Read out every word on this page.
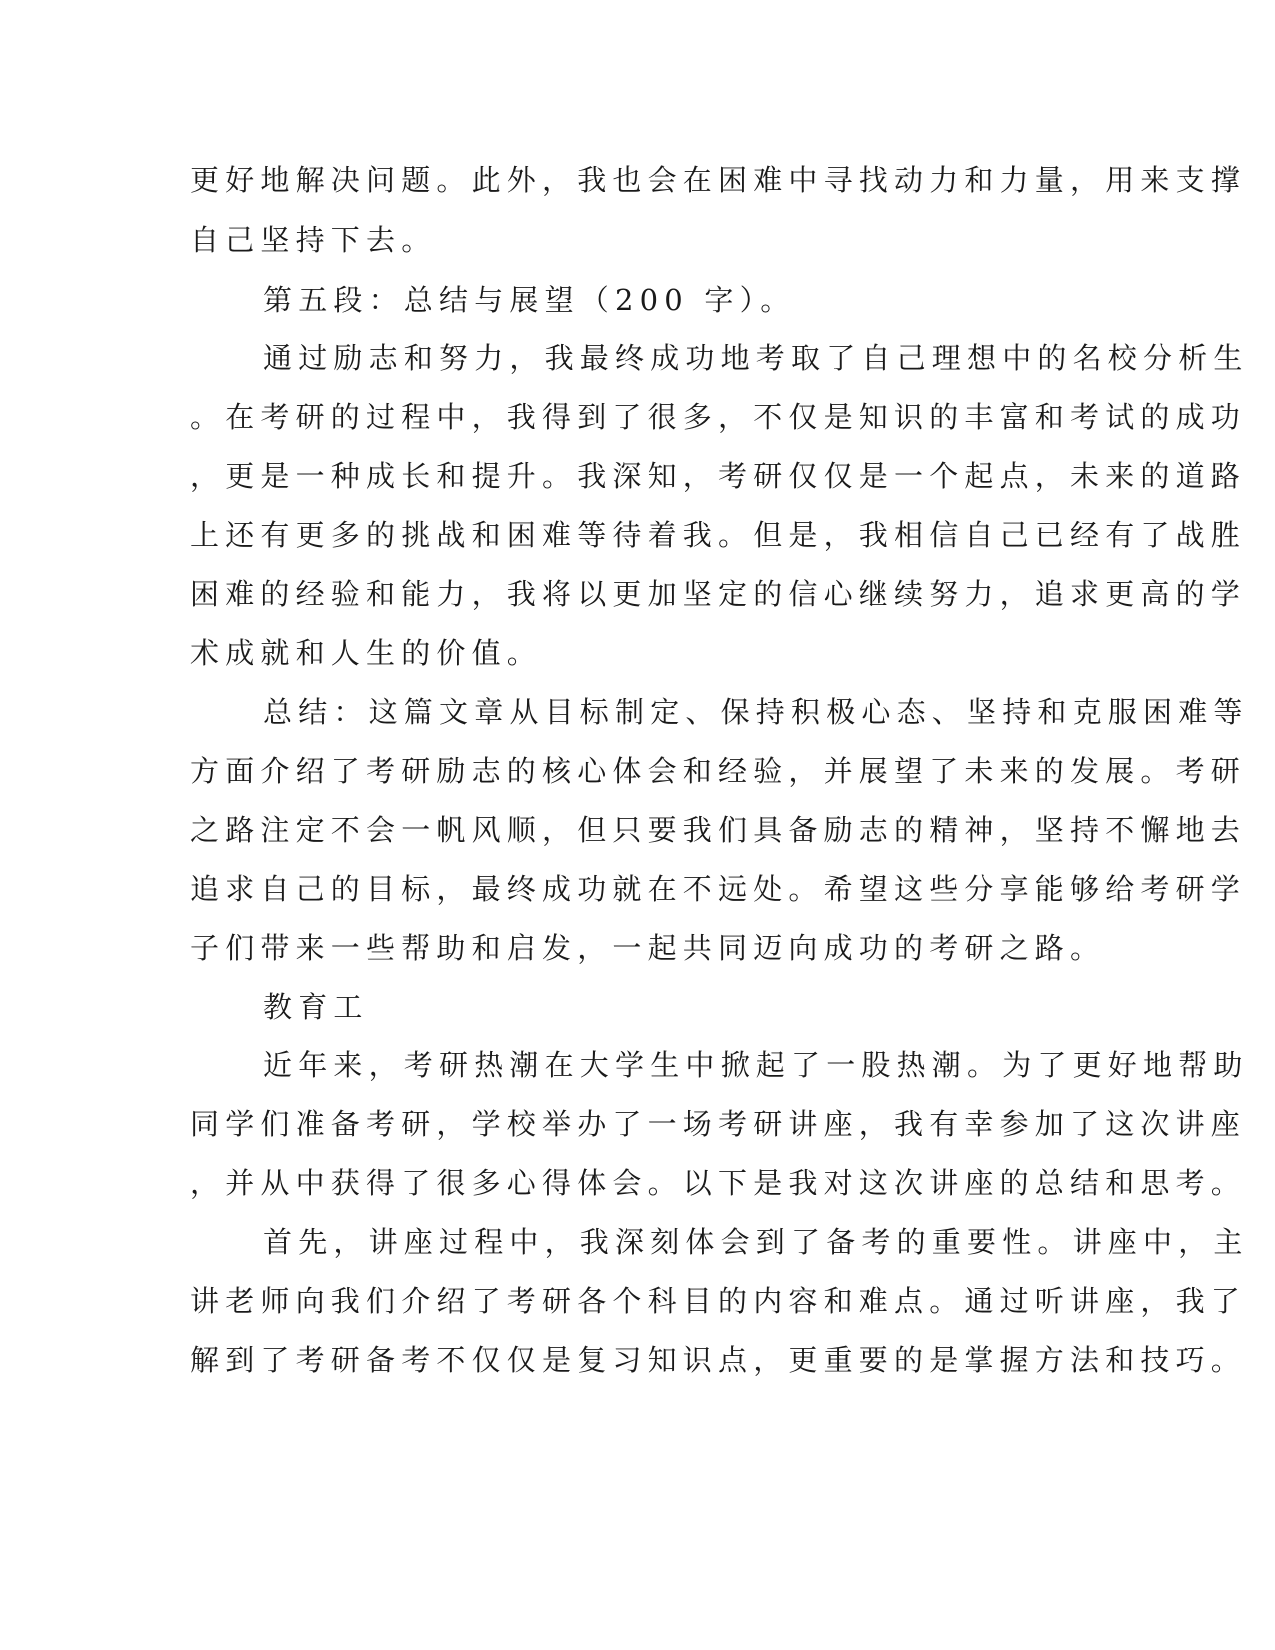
更好地解决问题。此外，我也会在困难中寻找动力和力量，用来支撑
自己坚持下去。
第五段：总结与展望（200 字）。
通过励志和努力，我最终成功地考取了自己理想中的名校分析生
。在考研的过程中，我得到了很多，不仅是知识的丰富和考试的成功
，更是一种成长和提升。我深知，考研仅仅是一个起点，未来的道路
上还有更多的挑战和困难等待着我。但是，我相信自己已经有了战胜
困难的经验和能力，我将以更加坚定的信心继续努力，追求更高的学
术成就和人生的价值。
总结：这篇文章从目标制定、保持积极心态、坚持和克服困难等
方面介绍了考研励志的核心体会和经验，并展望了未来的发展。考研
之路注定不会一帆风顺，但只要我们具备励志的精神，坚持不懈地去
追求自己的目标，最终成功就在不远处。希望这些分享能够给考研学
子们带来一些帮助和启发，一起共同迈向成功的考研之路。
教育工
近年来，考研热潮在大学生中掀起了一股热潮。为了更好地帮助
同学们准备考研，学校举办了一场考研讲座，我有幸参加了这次讲座
，并从中获得了很多心得体会。以下是我对这次讲座的总结和思考。
首先，讲座过程中，我深刻体会到了备考的重要性。讲座中，主
讲老师向我们介绍了考研各个科目的内容和难点。通过听讲座，我了
解到了考研备考不仅仅是复习知识点，更重要的是掌握方法和技巧。
